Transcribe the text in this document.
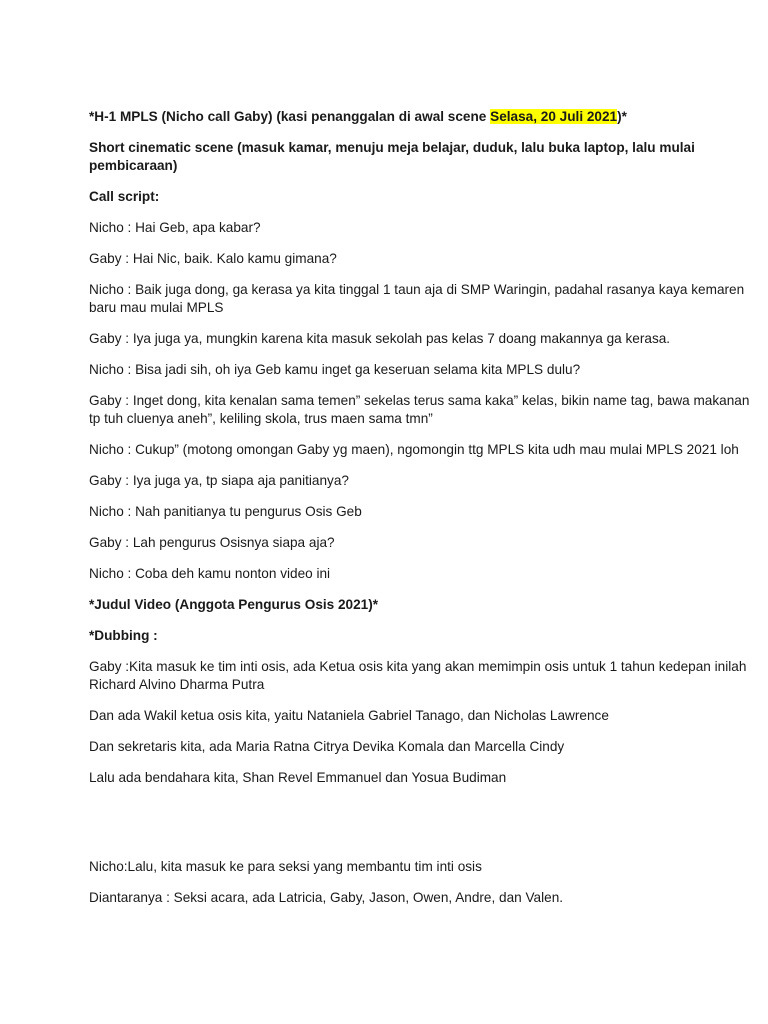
*H-1 MPLS (Nicho call Gaby) (kasi penanggalan di awal scene Selasa, 20 Juli 2021)*

Short cinematic scene (masuk kamar, menuju meja belajar, duduk, lalu buka laptop, lalu mulai pembicaraan)

Call script:

Nicho : Hai Geb, apa kabar?

Gaby : Hai Nic, baik. Kalo kamu gimana?

Nicho : Baik juga dong, ga kerasa ya kita tinggal 1 taun aja di SMP Waringin, padahal rasanya kaya kemaren baru mau mulai MPLS

Gaby : Iya juga ya, mungkin karena kita masuk sekolah pas kelas 7 doang makannya ga kerasa.

Nicho : Bisa jadi sih, oh iya Geb kamu inget ga keseruan selama kita MPLS dulu?

Gaby : Inget dong, kita kenalan sama temen” sekelas terus sama kaka” kelas, bikin name tag, bawa makanan tp tuh cluenya aneh”, keliling skola, trus maen sama tmn”

Nicho : Cukup” (motong omongan Gaby yg maen), ngomongin ttg MPLS kita udh mau mulai MPLS 2021 loh

Gaby : Iya juga ya, tp siapa aja panitianya?

Nicho : Nah panitianya tu pengurus Osis Geb

Gaby : Lah pengurus Osisnya siapa aja?

Nicho : Coba deh kamu nonton video ini

*Judul Video (Anggota Pengurus Osis 2021)*

*Dubbing :

Gaby :Kita masuk ke tim inti osis, ada Ketua osis kita yang akan memimpin osis untuk 1 tahun kedepan inilah Richard Alvino Dharma Putra

Dan ada Wakil ketua osis kita, yaitu Nataniela Gabriel Tanago, dan Nicholas Lawrence

Dan sekretaris kita, ada Maria Ratna Citrya Devika Komala dan Marcella Cindy

Lalu ada bendahara kita, Shan Revel Emmanuel dan Yosua Budiman

Nicho:Lalu, kita masuk ke para seksi yang membantu tim inti osis

Diantaranya : Seksi acara, ada Latricia, Gaby, Jason, Owen, Andre, dan Valen.
